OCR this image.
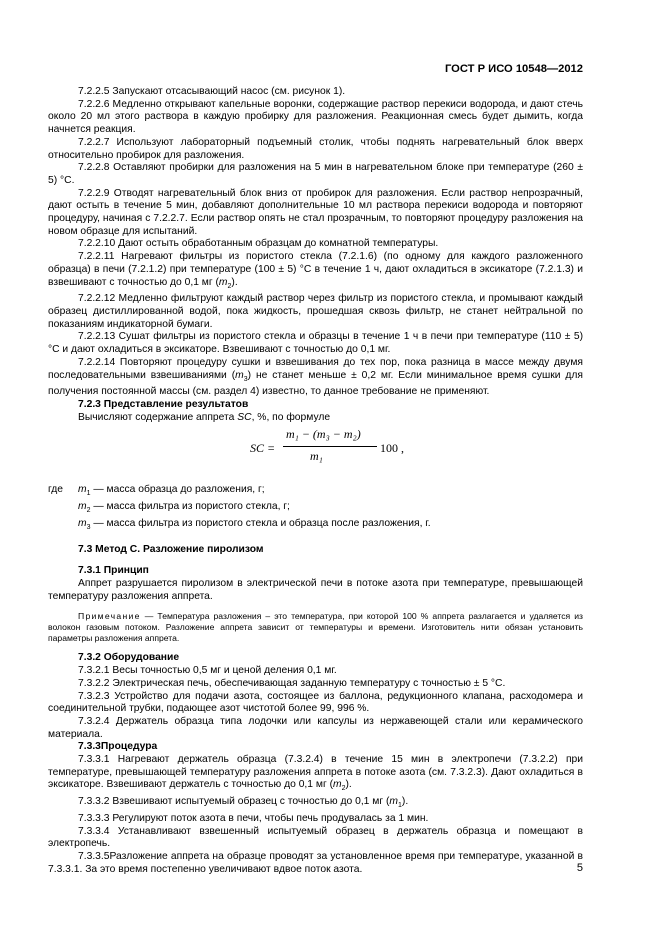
ГОСТ Р ИСО 10548—2012

7.2.2.5 Запускают отсасывающий насос (см. рисунок 1).

7.2.2.6 Медленно открывают капельные воронки, содержащие раствор перекиси водорода, и дают стечь около 20 мл этого раствора в каждую пробирку для разложения. Реакционная смесь будет дымить, когда начнется реакция.

7.2.2.7 Используют лабораторный подъемный столик, чтобы поднять нагревательный блок вверх относительно пробирок для разложения.

7.2.2.8 Оставляют пробирки для разложения на 5 мин в нагревательном блоке при температуре (260 ± 5) °С.

7.2.2.9 Отводят нагревательный блок вниз от пробирок для разложения. Если раствор непрозрачный, дают остыть в течение 5 мин, добавляют дополнительные 10 мл раствора перекиси водорода и повторяют процедуру, начиная с 7.2.2.7. Если раствор опять не стал прозрачным, то повторяют процедуру разложения на новом образце для испытаний.

7.2.2.10 Дают остыть обработанным образцам до комнатной температуры.

7.2.2.11 Нагревают фильтры из пористого стекла (7.2.1.6) (по одному для каждого разложенного образца) в печи (7.2.1.2) при температуре (100 ± 5) °С в течение 1 ч, дают охладиться в эксикаторе (7.2.1.3) и взвешивают с точностью до 0,1 мг $(m_2)$.

7.2.2.12 Медленно фильтруют каждый раствор через фильтр из пористого стекла, и промывают каждый образец дистиллированной водой, пока жидкость, прошедшая сквозь фильтр, не станет нейтральной по показаниям индикаторной бумаги.

7.2.2.13 Сушат фильтры из пористого стекла и образцы в течение 1 ч в печи при температуре (110 ± 5) °С и дают охладиться в эксикаторе. Взвешивают с точностью до 0,1 мг.

7.2.2.14 Повторяют процедуру сушки и взвешивания до тех пор, пока разница в массе между двумя последовательными взвешиваниями $(m_3)$ не станет меньше ± 0,2 мг. Если минимальное время сушки для получения постоянной массы (см. раздел 4) известно, то данное требование не применяют.

7.2.3 Представление результатов

Вычисляют содержание аппрета SC, %, по формуле

SC =
m₁ − (m₃ − m₂)
m₁
100 ,
где	$m_1$ — масса образца до разложения, г;
$m_2$ — масса фильтра из пористого стекла, г;
$m_3$ — масса фильтра из пористого стекла и образца после разложения, г.

7.3 Метод С. Разложение пиролизом

7.3.1 Принцип

Аппрет разрушается пиролизом в электрической печи в потоке азота при температуре, превышающей температуру разложения аппрета.

Примечание — Температура разложения – это температура, при которой 100 % аппрета разлагается и удаляется из волокон газовым потоком. Разложение аппрета зависит от температуры и времени. Изготовитель нити обязан установить параметры разложения аппрета.

7.3.2 Оборудование

7.3.2.1 Весы точностью 0,5 мг и ценой деления 0,1 мг.

7.3.2.2 Электрическая печь, обеспечивающая заданную температуру с точностью ± 5 °С.

7.3.2.3 Устройство для подачи азота, состоящее из баллона, редукционного клапана, расходомера и соединительной трубки, подающее азот чистотой более 99, 996 %.

7.3.2.4 Держатель образца типа лодочки или капсулы из нержавеющей стали или керамического материала.

7.3.3Процедура

7.3.3.1 Нагревают держатель образца (7.3.2.4) в течение 15 мин в электропечи (7.3.2.2) при температуре, превышающей температуру разложения аппрета в потоке азота (см. 7.3.2.3). Дают охладиться в эксикаторе. Взвешивают держатель с точностью до 0,1 мг $(m_2)$.

7.3.3.2 Взвешивают испытуемый образец с точностью до 0,1 мг $(m_1)$.

7.3.3.3 Регулируют поток азота в печи, чтобы печь продувалась за 1 мин.

7.3.3.4 Устанавливают взвешенный испытуемый образец в держатель образца и помещают в электропечь.

7.3.3.5Разложение аппрета на образце проводят за установленное время при температуре, указанной в 7.3.3.1. За это время постепенно увеличивают вдвое поток азота.	5
